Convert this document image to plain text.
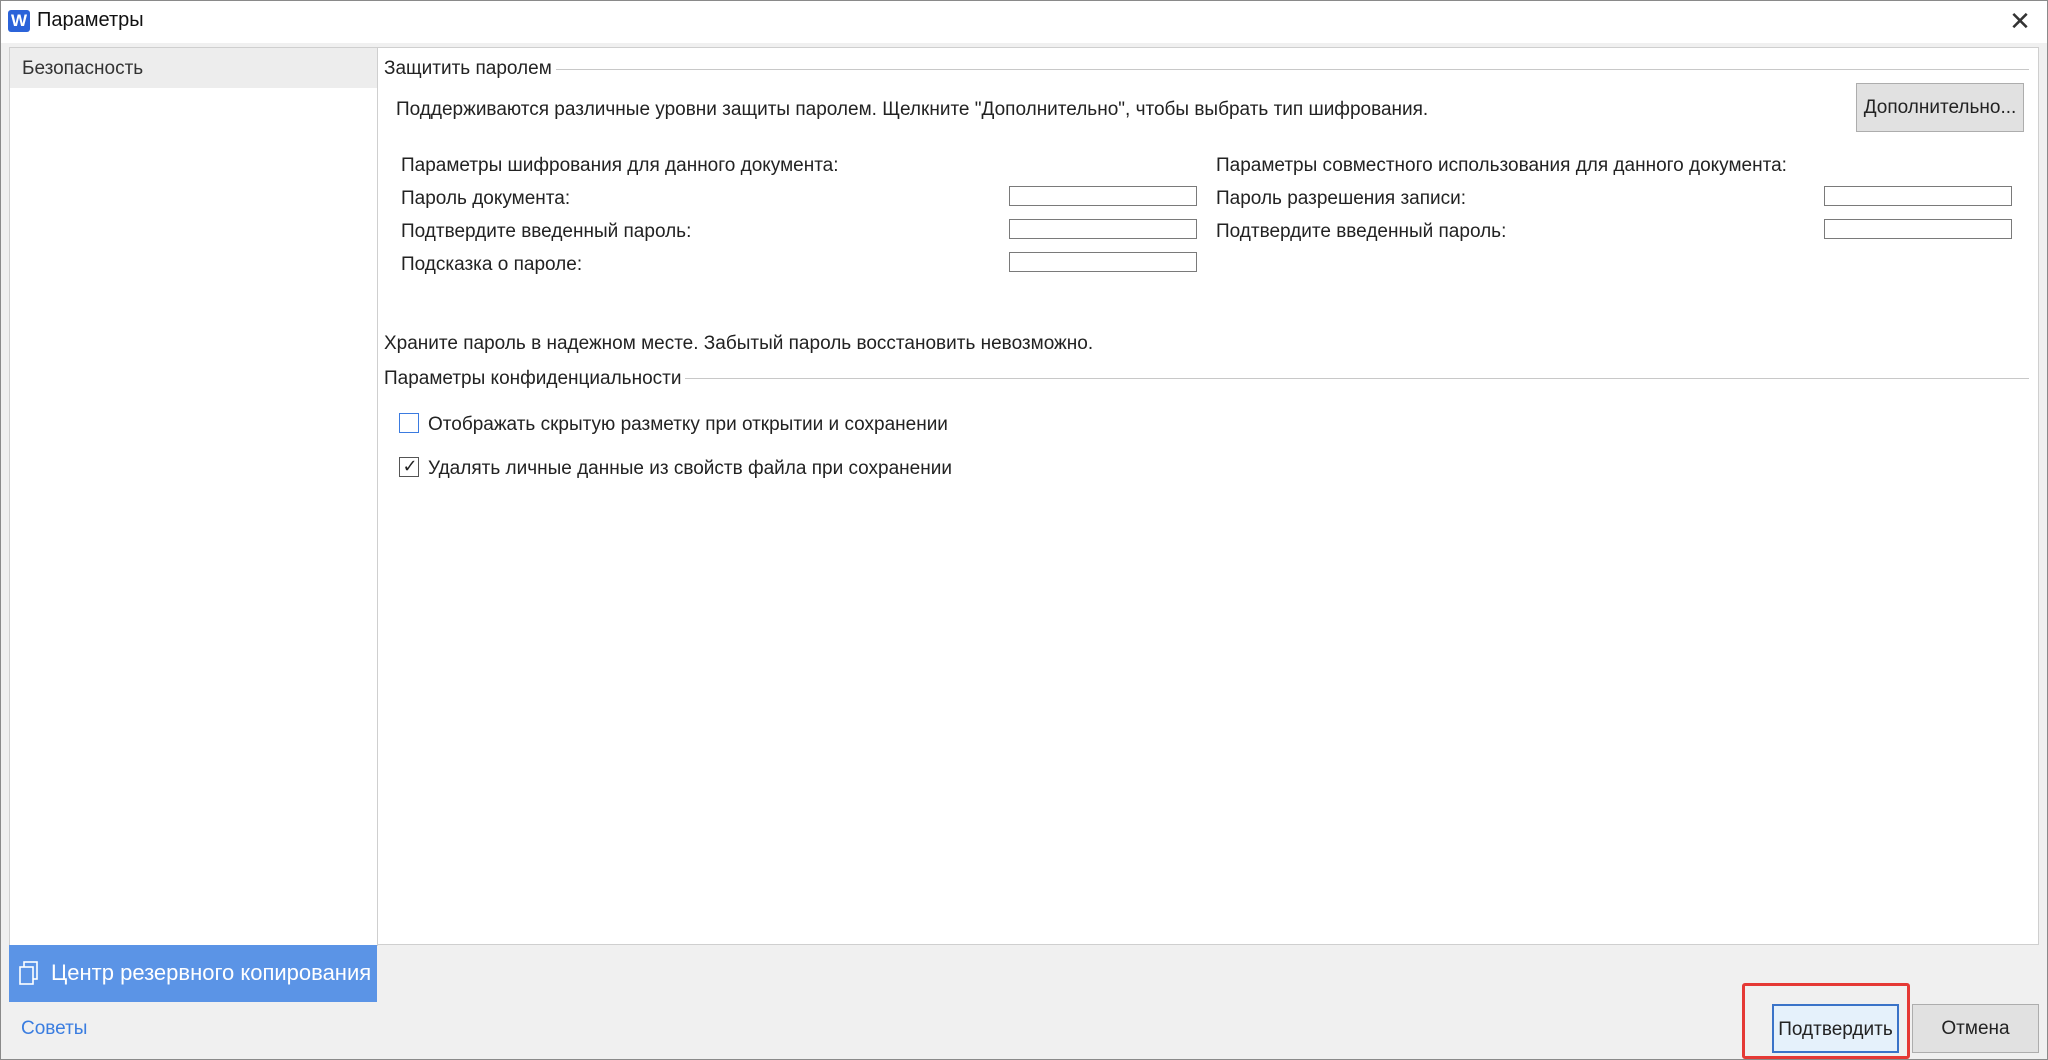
W Параметры	✕
Безопасность
Центр резервного копирования
Советы
Защитить паролем
Поддерживаются различные уровни защиты паролем. Щелкните "Дополнительно", чтобы выбрать тип шифрования.	Дополнительно...
Параметры шифрования для данного документа:
Пароль документа:
Подтвердите введенный пароль:
Подсказка о пароле:
Параметры совместного использования для данного документа:
Пароль разрешения записи:
Подтвердите введенный пароль:
Храните пароль в надежном месте. Забытый пароль восстановить невозможно.
Параметры конфиденциальности
Отображать скрытую разметку при открытии и сохранении
✓ Удалять личные данные из свойств файла при сохранении
Подтвердить	Отмена
